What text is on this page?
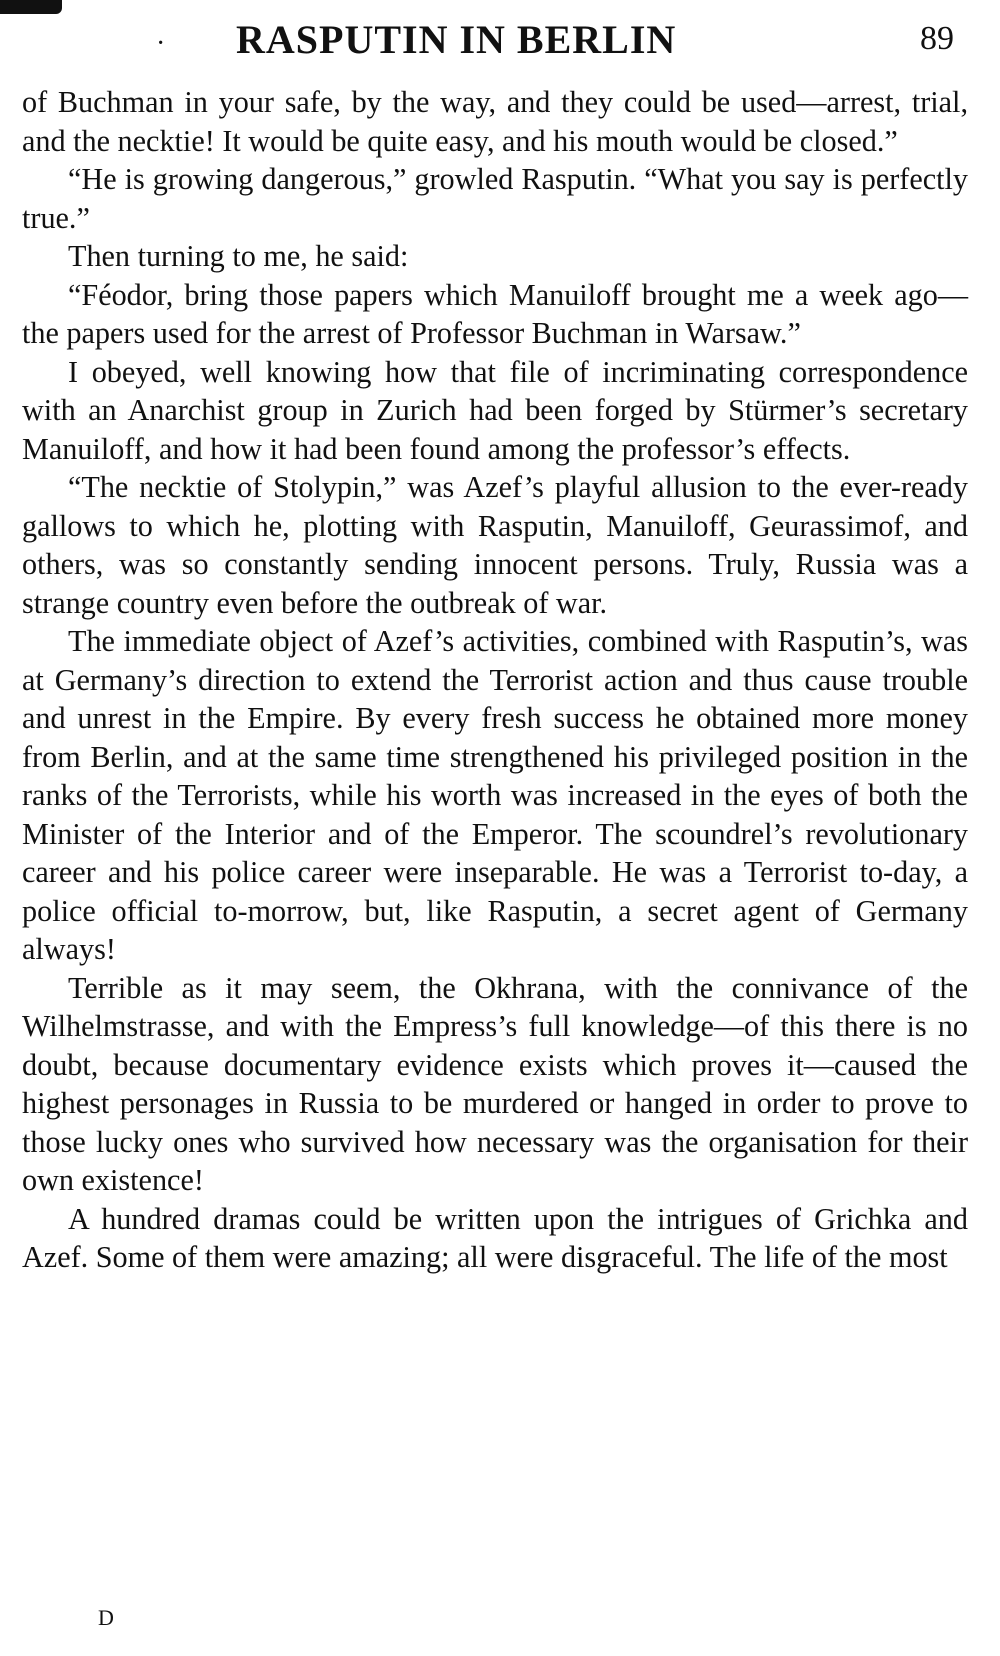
· RASPUTIN IN BERLIN	89

of Buchman in your safe, by the way, and they could be used—arrest, trial, and the necktie! It would be quite easy, and his mouth would be closed.”

“He is growing dangerous,” growled Rasputin. “What you say is perfectly true.”

Then turning to me, he said:

“Féodor, bring those papers which Manuiloff brought me a week ago—the papers used for the arrest of Professor Buchman in Warsaw.”

I obeyed, well knowing how that file of incriminating correspondence with an Anarchist group in Zurich had been forged by Stürmer’s secretary Manuiloff, and how it had been found among the professor’s effects.

“The necktie of Stolypin,” was Azef’s playful allusion to the ever-ready gallows to which he, plotting with Rasputin, Manuiloff, Geurassimof, and others, was so constantly sending innocent persons. Truly, Russia was a strange country even before the outbreak of war.

The immediate object of Azef’s activities, combined with Rasputin’s, was at Germany’s direction to extend the Terrorist action and thus cause trouble and unrest in the Empire. By every fresh success he obtained more money from Berlin, and at the same time strengthened his privileged position in the ranks of the Terrorists, while his worth was increased in the eyes of both the Minister of the Interior and of the Emperor. The scoundrel’s revolutionary career and his police career were inseparable. He was a Terrorist to-day, a police official to-morrow, but, like Rasputin, a secret agent of Germany always!

Terrible as it may seem, the Okhrana, with the connivance of the Wilhelmstrasse, and with the Empress’s full knowledge—of this there is no doubt, because documentary evidence exists which proves it—caused the highest personages in Russia to be murdered or hanged in order to prove to those lucky ones who survived how necessary was the organisation for their own existence!

A hundred dramas could be written upon the intrigues of Grichka and Azef. Some of them were amazing; all were disgraceful. The life of the most

D
